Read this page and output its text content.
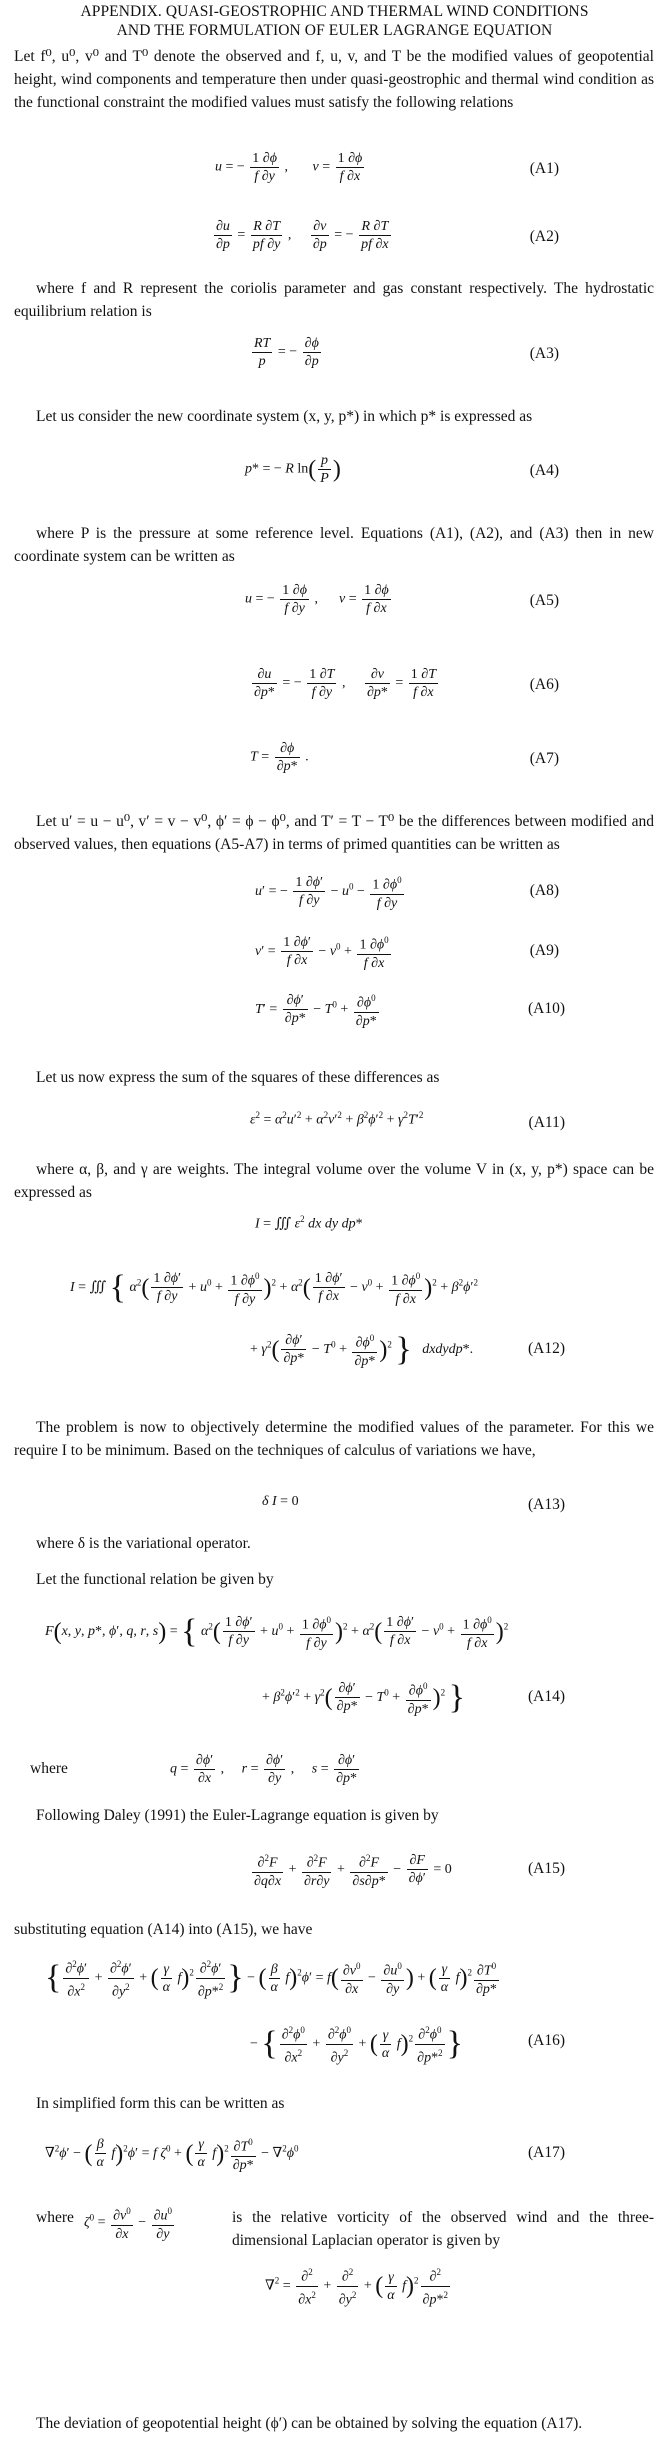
APPENDIX. QUASI-GEOSTROPHIC AND THERMAL WIND CONDITIONS
AND THE FORMULATION OF EULER LAGRANGE EQUATION
Let f⁰, u⁰, v⁰ and T⁰ denote the observed and f, u, v, and T be the modified values of geopotential height, wind components and temperature then under quasi-geostrophic and thermal wind condition as the functional constraint the modified values must satisfy the following relations
u = − $\frac{1 \partial\phi}{f \partial y}$ ,       $v = \frac{1 \partial\phi}{f \partial x}$	(A1)
$\frac{\partial u}{\partial p} = \frac{R \partial T}{pf \partial y}$ , $\frac{\partial v}{\partial p}$ = − $\frac{R \partial T}{pf \partial x}$	(A2)
where f and R represent the coriolis parameter and gas constant respectively. The hydrostatic equilibrium relation is
$\frac{RT}{p}$ = − $\frac{\partial\phi}{\partial p}$	(A3)
Let us consider the new coordinate system (x, y, p*) in which p* is expressed as
p* = − R $\ln( \frac{p}{P}$ )	(A4)
where P is the pressure at some reference level. Equations (A1), (A2), and (A3) then in new coordinate system can be written as
u = − $\frac{1 \partial\phi}{f \partial y}$ ,      $v = \frac{1 \partial\phi}{f \partial x}$	(A5)
$\frac{\partial u}{\partial p*}$ = − $\frac{1 \partial T}{f \partial y}$ , $\frac{\partial v}{\partial p*} = \frac{1 \partial T}{f \partial x}$	(A6)
$T = \frac{\partial\phi}{\partial p*}$ .	(A7)
Let u′ = u − u⁰, v′ = v − v⁰, ϕ′ = ϕ − ϕ⁰, and T′ = T − T⁰ be the differences between modified and observed values, then equations (A5-A7) in terms of primed quantities can be written as
u′ = − $\frac{1 \partial\phi'}{f \partial y} - u^0 - \frac{1 \partial\phi^0}{f \partial y}$	(A8)
$v' = \frac{1 \partial\phi'}{f \partial x} - v^0 + \frac{1 \partial\phi^0}{f \partial x}$	(A9)
$T' = \frac{\partial\phi'}{\partial p*} - T^0 + \frac{\partial\phi^0}{\partial p*}$	(A10)
Let us now express the sum of the squares of these differences as
$\varepsilon^2 = \alpha^2u'^2 + \alpha^2v'^2 + \beta^2\phi'^2 + \gamma^2T'^2$	(A11)
where α, β, and γ are weights. The integral volume over the volume V in (x, y, p*) space can be expressed as
I = ∭ $\varepsilon^2$ dx dy dp*
I = ∭ { $\alpha^2( \frac{1 \partial\phi'}{f \partial y} + u^0 + \frac{1 \partial\phi^0}{f \partial y} )^2 + \alpha^2( \frac{1 \partial\phi'}{f \partial x} - v^0 + \frac{1 \partial\phi^0}{f \partial x} )^2 + \beta^2\phi'^2$
+ $\gamma^2( \frac{\partial\phi'}{\partial p*} - T^0 + \frac{\partial\phi^0}{\partial p*} )^2$ } dxdydp*.	(A12)
The problem is now to objectively determine the modified values of the parameter. For this we require I to be minimum. Based on the techniques of calculus of variations we have,
δ I = 0	(A13)
where δ is the variational operator.
Let the functional relation be given by
F(x, y, p*, ϕ′, q, r, s) = { $\alpha^2( \frac{1 \partial\phi'}{f \partial y} + u^0 + \frac{1 \partial\phi^0}{f \partial y} )^2 + \alpha^2( \frac{1 \partial\phi'}{f \partial x} - v^0 + \frac{1 \partial\phi^0}{f \partial x} )^2$
+ $\beta^2\phi'^2 + \gamma^2( \frac{\partial\phi'}{\partial p*} - T^0 + \frac{\partial\phi^0}{\partial p*} )^2$ }	(A14)
where	$q = \frac{\partial\phi'}{\partial x}$ ,     $r = \frac{\partial\phi'}{\partial y}$ ,     $s = \frac{\partial\phi'}{\partial p*}$
Following Daley (1991) the Euler-Lagrange equation is given by
$\frac{\partial^2F}{\partial q\partial x} + \frac{\partial^2F}{\partial r\partial y} + \frac{\partial^2F}{\partial s\partial p*} - \frac{\partial F}{\partial\phi'} = 0$	(A15)
substituting equation (A14) into (A15), we have
{ $\frac{\partial^2\phi'}{\partial x^2} + \frac{\partial^2\phi'}{\partial y^2}$ + ( $\frac{\gamma}{\alpha} f)^2 \frac{\partial^2\phi'}{\partial p*^2}$ } − ( $\frac{\beta}{\alpha} f)^2\phi' = f( \frac{\partial v^0}{\partial x} - \frac{\partial u^0}{\partial y}$ ) + ( $\frac{\gamma}{\alpha} f)^2 \frac{\partial T^0}{\partial p*}$
− { $\frac{\partial^2\phi^0}{\partial x^2} + \frac{\partial^2\phi^0}{\partial y^2}$ + ( $\frac{\gamma}{\alpha} f)^2 \frac{\partial^2\phi^0}{\partial p*^2}$ }	(A16)
In simplified form this can be written as
∇$^2$ϕ′ − ( $\frac{\beta}{\alpha} f)^2\phi' = f$ $\zeta^0$ + ( $\frac{\gamma}{\alpha} f)^2 \frac{\partial T^0}{\partial p*} - \nabla^2\phi^0$	(A17)
where $\zeta^0 = \frac{\partial v^0}{\partial x} - \frac{\partial u^0}{\partial y}$	is the relative vorticity of the observed wind and the three-dimensional Laplacian operator is given by
$\nabla^2 = \frac{\partial^2}{\partial x^2} + \frac{\partial^2}{\partial y^2}$ + ( $\frac{\gamma}{\alpha} f)^2 \frac{\partial^2}{\partial p*^2}$
The deviation of geopotential height (ϕ′) can be obtained by solving the equation (A17).
